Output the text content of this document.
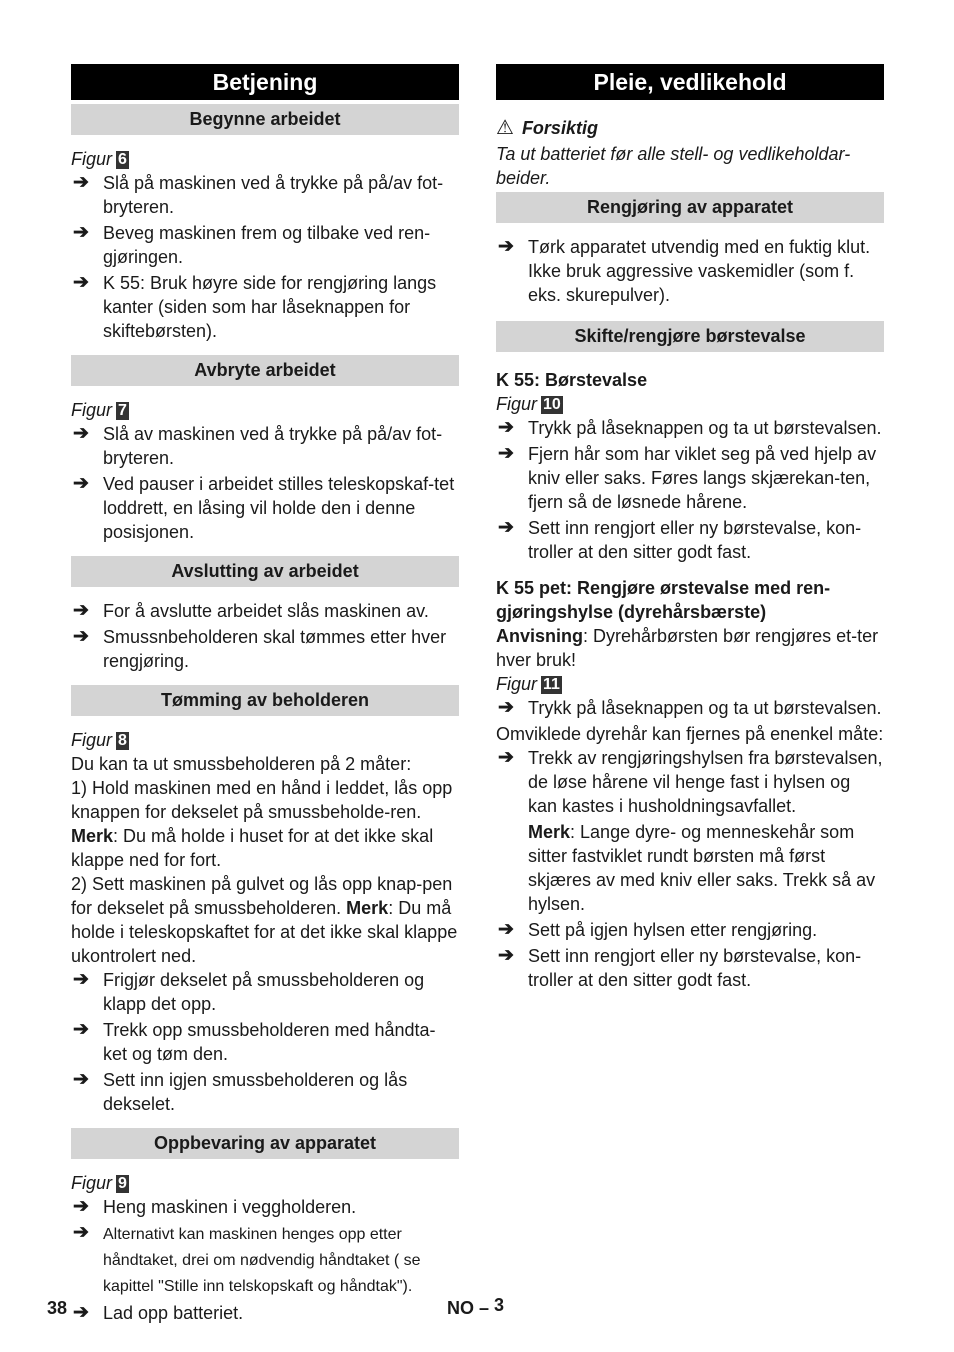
Betjening
Begynne arbeidet
Figur 6
➔ Slå på maskinen ved å trykke på på/av fot-bryteren.
➔ Beveg maskinen frem og tilbake ved ren-gjøringen.
➔ K 55: Bruk høyre side for rengjøring langs kanter (siden som har låseknappen for skiftebørsten).
Avbryte arbeidet
Figur 7
➔ Slå av maskinen ved å trykke på på/av fot-bryteren.
➔ Ved pauser i arbeidet stilles teleskopskaf-tet loddrett, en låsing vil holde den i denne posisjonen.
Avslutting av arbeidet
➔ For å avslutte arbeidet slås maskinen av.
➔ Smussnbeholderen skal tømmes etter hver rengjøring.
Tømming av beholderen
Figur 8

Du kan ta ut smussbeholderen på 2 måter:

1) Hold maskinen med en hånd i leddet, lås opp knappen for dekselet på smussbeholde-ren. Merk: Du må holde i huset for at det ikke skal klappe ned for fort.

2) Sett maskinen på gulvet og lås opp knap-pen for dekselet på smussbeholderen. Merk: Du må holde i teleskopskaftet for at det ikke skal klappe ukontrolert ned.

➔ Frigjør dekselet på smussbeholderen og klapp det opp.
➔ Trekk opp smussbeholderen med håndta-ket og tøm den.
➔ Sett inn igjen smussbeholderen og lås dekselet.
Oppbevaring av apparatet
Figur 9
➔ Heng maskinen i veggholderen.
➔ Alternativt kan maskinen henges opp etter håndtaket, drei om nødvendig håndtaket ( se kapittel "Stille inn telskopskaft og håndtak").
➔ Lad opp batteriet.
Pleie, vedlikehold
⚠ Forsiktig

Ta ut batteriet før alle stell- og vedlikeholdar-beider.

Rengjøring av apparatet
➔ Tørk apparatet utvendig med en fuktig klut. Ikke bruk aggressive vaskemidler (som f. eks. skurepulver).
Skifte/rengjøre børstevalse

K 55: Børstevalse

Figur 10
➔ Trykk på låseknappen og ta ut børstevalsen.
➔ Fjern hår som har viklet seg på ved hjelp av kniv eller saks. Føres langs skjærekan-ten, fjern så de løsnede hårene.
➔ Sett inn rengjort eller ny børstevalse, kon-troller at den sitter godt fast.

K 55 pet: Rengjøre ørstevalse med ren-gjøringshylse (dyrehårsbærste)

Anvisning: Dyrehårbørsten bør rengjøres et-ter hver bruk!

Figur 11
➔ Trykk på låseknappen og ta ut børstevalsen.

Omviklede dyrehår kan fjernes på enenkel måte:

➔ Trekk av rengjøringshylsen fra børstevalsen, de løse hårene vil henge fast i hylsen og kan kastes i husholdningsavfallet.

Merk: Lange dyre- og menneskehår som sitter fastviklet rundt børsten må først skjæres av med kniv eller saks. Trekk så av hylsen.

➔ Sett på igjen hylsen etter rengjøring.
➔ Sett inn rengjort eller ny børstevalse, kon-troller at den sitter godt fast.
38	NO – 3
